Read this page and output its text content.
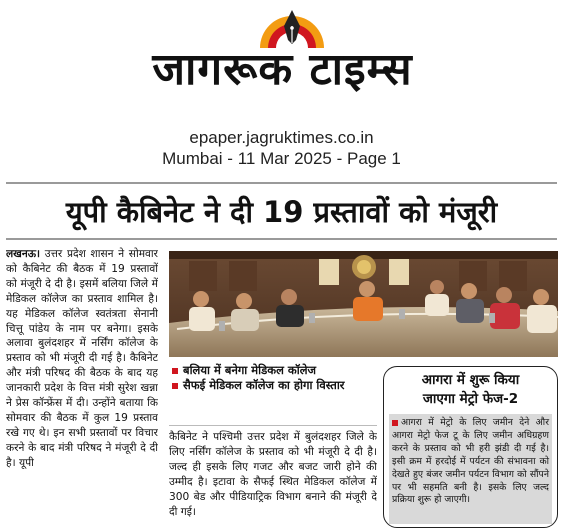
जागरूक टाइम्स
epaper.jagruktimes.co.in
Mumbai - 11 Mar 2025 - Page 1
यूपी कैबिनेट ने दी 19 प्रस्तावों को मंजूरी
लखनऊ। उत्तर प्रदेश शासन ने सोमवार को कैबिनेट की बैठक में 19 प्रस्तावों को मंजूरी दे दी है। इसमें बलिया जिले में मेडिकल कॉलेज का प्रस्ताव शामिल है। यह मेडिकल कॉलेज स्वतंत्रता सेनानी चित्तू पांडेय के नाम पर बनेगा। इसके अलावा बुलंदशहर में नर्सिंग कॉलेज के प्रस्ताव को भी मंजूरी दी गई है। कैबिनेट और मंत्री परिषद की बैठक के बाद यह जानकारी प्रदेश के वित्त मंत्री सुरेश खन्ना ने प्रेस कॉन्फ्रेंस में दी। उन्होंने बताया कि सोमवार की बैठक में कुल 19 प्रस्ताव रखे गए थे। इन सभी प्रस्तावों पर विचार करने के बाद मंत्री परिषद ने मंजूरी दे दी है। यूपी
बलिया में बनेगा मेडिकल कॉलेज
सैफई मेडिकल कॉलेज का होगा विस्तार
कैबिनेट ने पश्चिमी उत्तर प्रदेश में बुलंदशहर जिले के लिए नर्सिंग कॉलेज के प्रस्ताव को भी मंजूरी दे दी है। जल्द ही इसके लिए गजट और बजट जारी होने की उम्मीद है। इटावा के सैफई स्थित मेडिकल कॉलेज में 300 बेड और पीडियाट्रिक विभाग बनाने की मंजूरी दे दी गई।
आगरा में शुरू किया
जाएगा मेट्रो फेज-2
आगरा में मेट्रो के लिए जमीन देने और आगरा मेट्रो फेज टू के लिए जमीन अधिग्रहण करने के प्रस्ताव को भी हरी झंडी दी गई है। इसी क्रम में हरदोई में पर्यटन की संभावना को देखते हुए बंजर जमीन पर्यटन विभाग को सौंपने पर भी सहमति बनी है। इसके लिए जल्द प्रक्रिया शुरू हो जाएगी।
